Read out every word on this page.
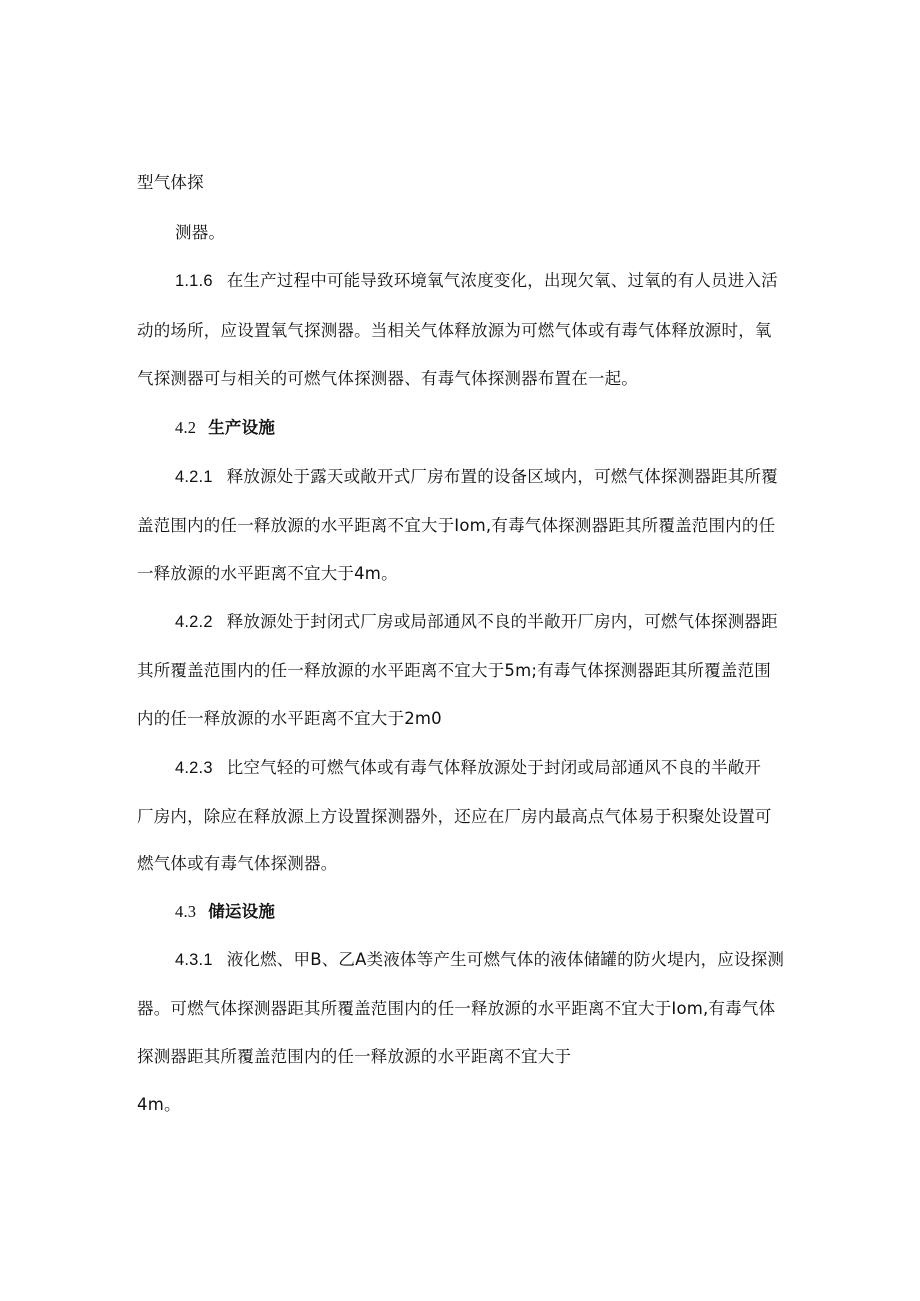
型气体探
测器。
1.1.6 在生产过程中可能导致环境氧气浓度变化，出现欠氧、过氧的有人员进入活
动的场所，应设置氧气探测器。当相关气体释放源为可燃气体或有毒气体释放源时，氧
气探测器可与相关的可燃气体探测器、有毒气体探测器布置在一起。
4.2 生产设施
4.2.1 释放源处于露天或敞开式厂房布置的设备区域内，可燃气体探测器距其所覆
盖范围内的任一释放源的水平距离不宜大于Iom,有毒气体探测器距其所覆盖范围内的任
一释放源的水平距离不宜大于4m。
4.2.2 释放源处于封闭式厂房或局部通风不良的半敞开厂房内，可燃气体探测器距
其所覆盖范围内的任一释放源的水平距离不宜大于5m;有毒气体探测器距其所覆盖范围
内的任一释放源的水平距离不宜大于2m0
4.2.3 比空气轻的可燃气体或有毒气体释放源处于封闭或局部通风不良的半敞开
厂房内，除应在释放源上方设置探测器外，还应在厂房内最高点气体易于积聚处设置可
燃气体或有毒气体探测器。
4.3 储运设施
4.3.1 液化燃、甲B、乙A类液体等产生可燃气体的液体储罐的防火堤内，应设探测
器。可燃气体探测器距其所覆盖范围内的任一释放源的水平距离不宜大于Iom,有毒气体
探测器距其所覆盖范围内的任一释放源的水平距离不宜大于
4m。
